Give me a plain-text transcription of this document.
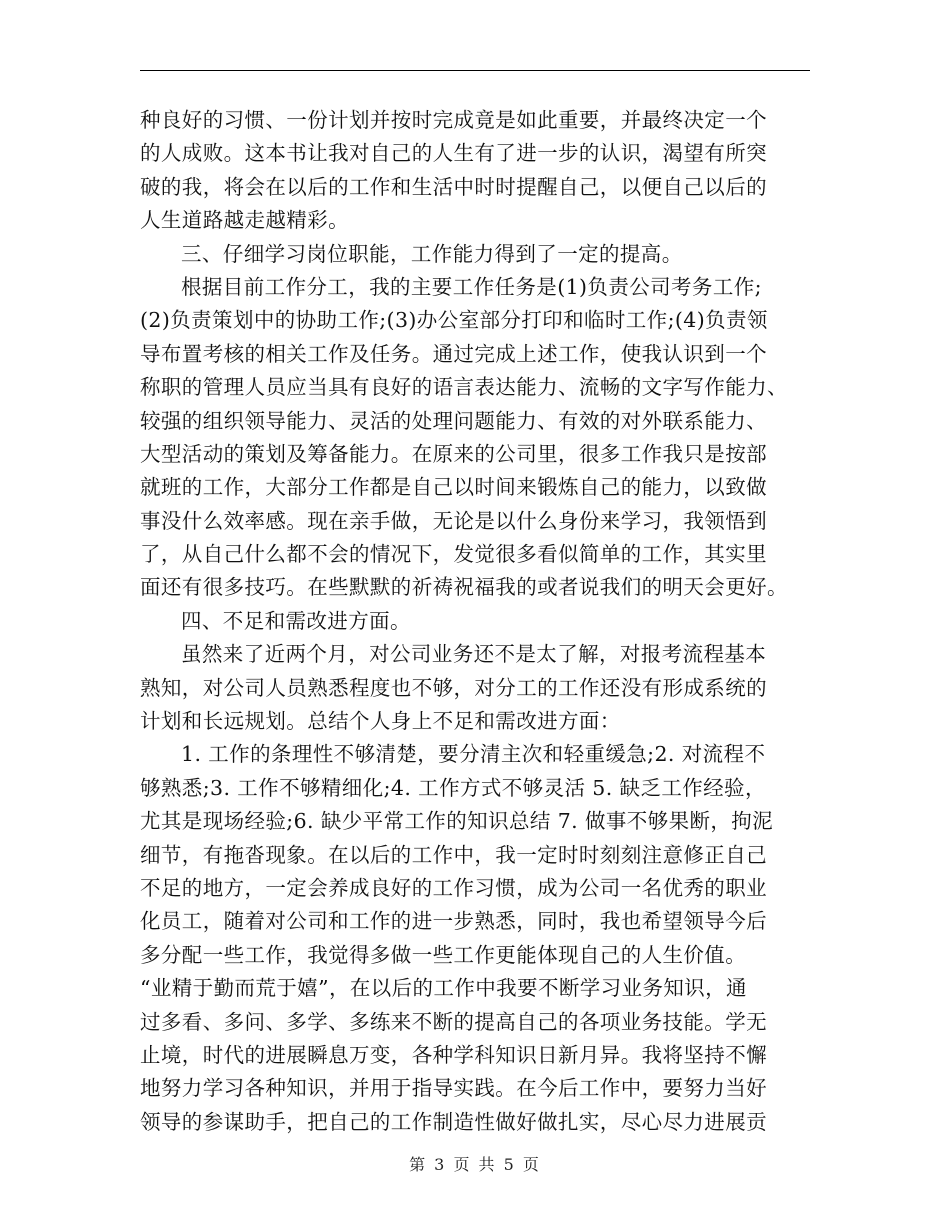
种良好的习惯、一份计划并按时完成竟是如此重要，并最终决定一个
的人成败。这本书让我对自己的人生有了进一步的认识，渴望有所突
破的我，将会在以后的工作和生活中时时提醒自己，以便自己以后的
人生道路越走越精彩。
三、仔细学习岗位职能，工作能力得到了一定的提高。
根据目前工作分工，我的主要工作任务是(1)负责公司考务工作;
(2)负责策划中的协助工作;(3)办公室部分打印和临时工作;(4)负责领
导布置考核的相关工作及任务。通过完成上述工作，使我认识到一个
称职的管理人员应当具有良好的语言表达能力、流畅的文字写作能力、
较强的组织领导能力、灵活的处理问题能力、有效的对外联系能力、
大型活动的策划及筹备能力。在原来的公司里，很多工作我只是按部
就班的工作，大部分工作都是自己以时间来锻炼自己的能力，以致做
事没什么效率感。现在亲手做，无论是以什么身份来学习，我领悟到
了，从自己什么都不会的情况下，发觉很多看似简单的工作，其实里
面还有很多技巧。在些默默的祈祷祝福我的或者说我们的明天会更好。
四、不足和需改进方面。
虽然来了近两个月，对公司业务还不是太了解，对报考流程基本
熟知，对公司人员熟悉程度也不够，对分工的工作还没有形成系统的
计划和长远规划。总结个人身上不足和需改进方面：
1. 工作的条理性不够清楚，要分清主次和轻重缓急;2. 对流程不
够熟悉;3. 工作不够精细化;4. 工作方式不够灵活 5. 缺乏工作经验，
尤其是现场经验;6. 缺少平常工作的知识总结 7. 做事不够果断，拘泥
细节，有拖沓现象。在以后的工作中，我一定时时刻刻注意修正自己
不足的地方，一定会养成良好的工作习惯，成为公司一名优秀的职业
化员工，随着对公司和工作的进一步熟悉，同时，我也希望领导今后
多分配一些工作，我觉得多做一些工作更能体现自己的人生价值。
“业精于勤而荒于嬉”，在以后的工作中我要不断学习业务知识，通
过多看、多问、多学、多练来不断的提高自己的各项业务技能。学无
止境，时代的进展瞬息万变，各种学科知识日新月异。我将坚持不懈
地努力学习各种知识，并用于指导实践。在今后工作中，要努力当好
领导的参谋助手，把自己的工作制造性做好做扎实，尽心尽力进展贡
第 3 页 共 5 页
